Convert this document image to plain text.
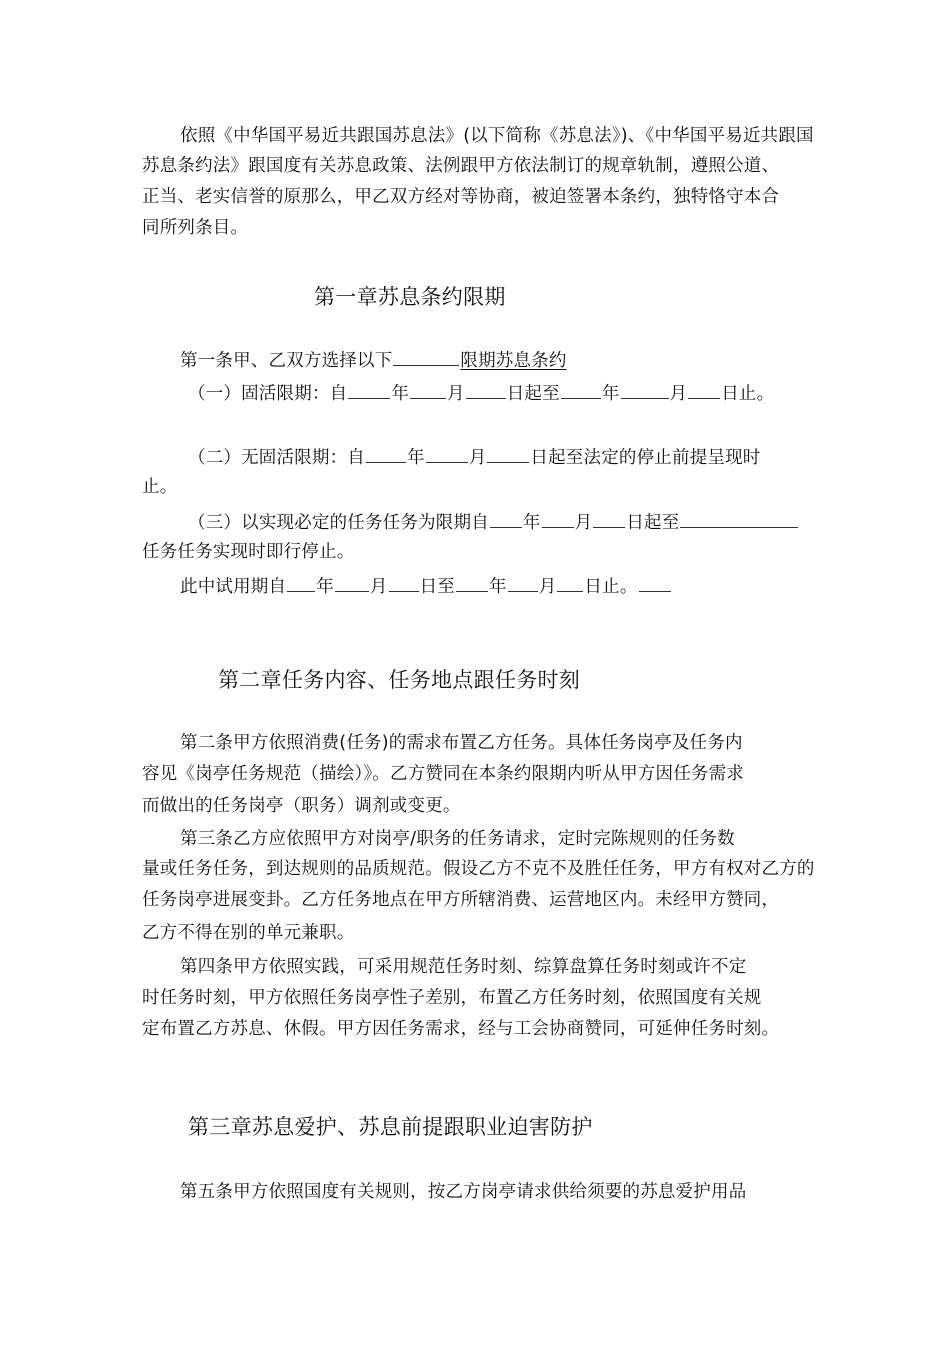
依照《中华国平易近共跟国苏息法》(以下简称《苏息法》)、《中华国平易近共跟国
苏息条约法》跟国度有关苏息政策、法例跟甲方依法制订的规章轨制，遵照公道、
正当、老实信誉的原那么，甲乙双方经对等协商，被迫签署本条约，独特恪守本合
同所列条目。
第一章苏息条约限期
第一条甲、乙双方选择以下	限期苏息条约
（一）固活限期：自	年 月 日起至 年	月 日止。
（二）无固活限期：自 年	月	日起至法定的停止前提呈现时
止。
（三）以实现必定的任务任务为限期自 年 月 日起至
任务任务实现时即行停止。
此中试用期自 年 月 日至 年 月 日止。
第二章任务内容、任务地点跟任务时刻
第二条甲方依照消费(任务)的需求布置乙方任务。具体任务岗亭及任务内
容见《岗亭任务规范（描绘）》。乙方赞同在本条约限期内听从甲方因任务需求
而做出的任务岗亭（职务）调剂或变更。
第三条乙方应依照甲方对岗亭/职务的任务请求，定时完陈规则的任务数
量或任务任务，到达规则的品质规范。假设乙方不克不及胜任任务，甲方有权对乙方的
任务岗亭进展变卦。乙方任务地点在甲方所辖消费、运营地区内。未经甲方赞同，
乙方不得在别的单元兼职。
第四条甲方依照实践，可采用规范任务时刻、综算盘算任务时刻或许不定
时任务时刻，甲方依照任务岗亭性子差别，布置乙方任务时刻，依照国度有关规
定布置乙方苏息、休假。甲方因任务需求，经与工会协商赞同，可延伸任务时刻。
第三章苏息爱护、苏息前提跟职业迫害防护
第五条甲方依照国度有关规则，按乙方岗亭请求供给须要的苏息爱护用品
